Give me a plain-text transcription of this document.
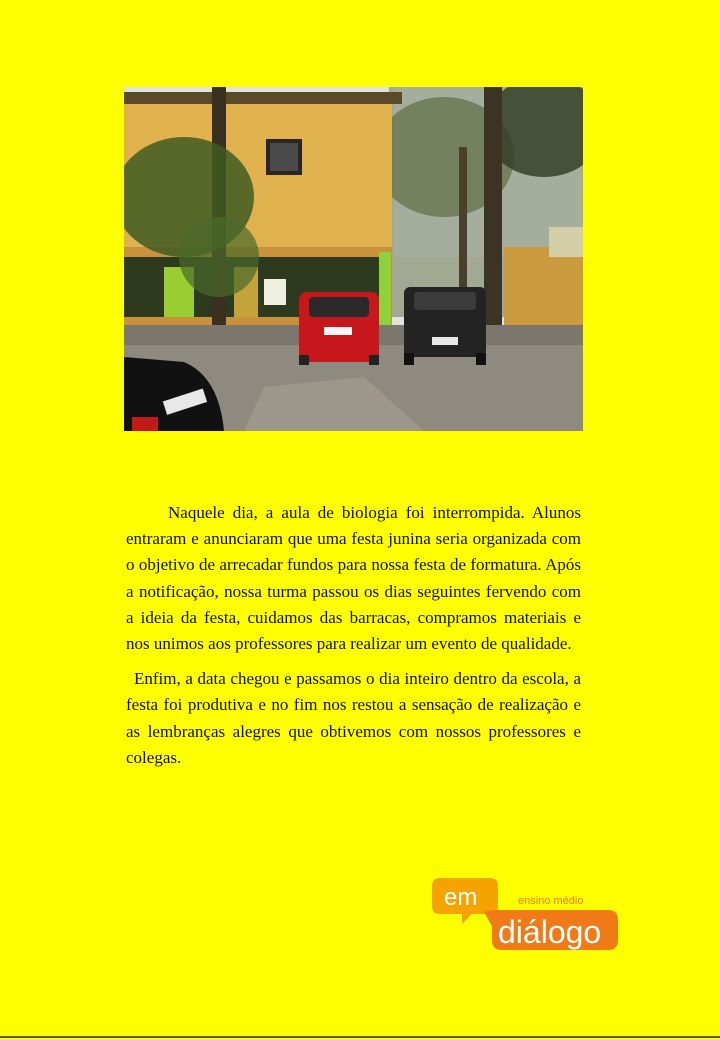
Naquele dia, a aula de biologia foi interrompida. Alunos entraram e anunciaram que uma festa junina seria organizada com o objetivo de arrecadar fundos para nossa festa de formatura. Após a notificação, nossa turma passou os dias seguintes fervendo com a ideia da festa, cuidamos das barracas, compramos materiais e nos unimos aos professores para realizar um evento de qualidade.

Enfim, a data chegou e passamos o dia inteiro dentro da escola, a festa foi produtiva e no fim nos restou a sensação de realização e as lembranças alegres que obtivemos com nossos professores e colegas.

em	ensino médio
diálogo
